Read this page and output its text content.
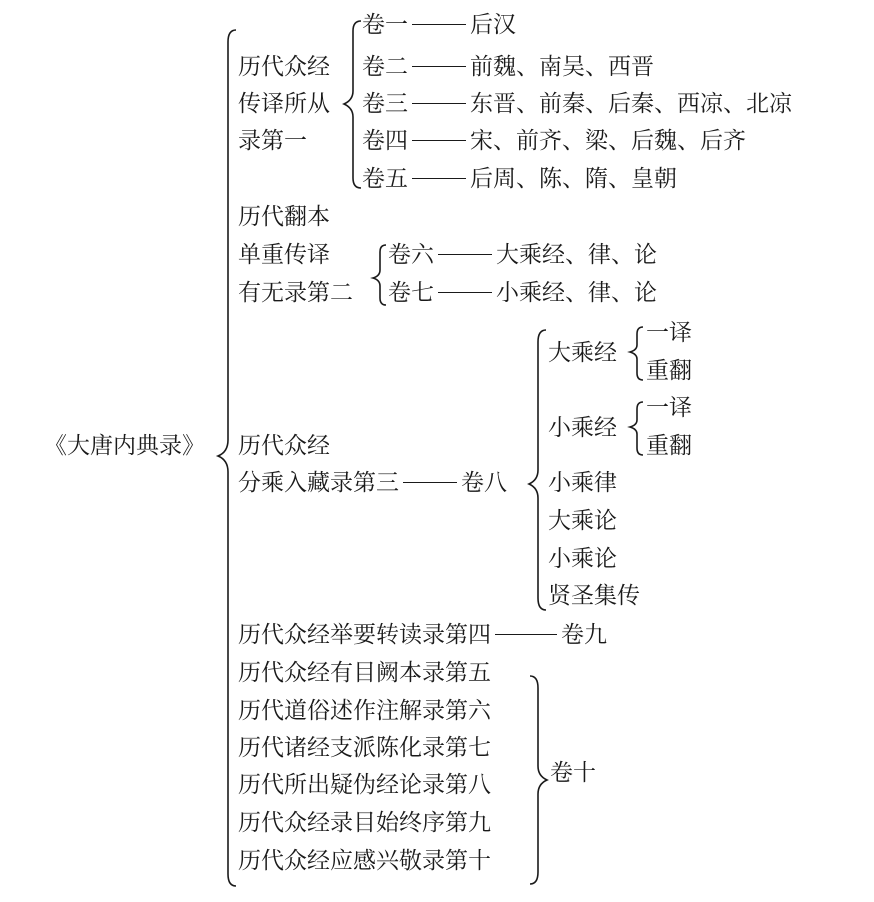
《大唐内典录》
历代众经
传译所从
录第一
卷一	后汉
卷二	前魏、南吴、西晋
卷三	东晋、前秦、后秦、西凉、北凉
卷四	宋、前齐、梁、后魏、后齐
卷五	后周、陈、隋、皇朝
历代翻本
单重传译
有无录第二
卷六	大乘经、律、论
卷七	小乘经、律、论
历代众经
分乘入藏录第三	卷八
大乘经
一译
重翻
小乘经
一译
重翻
小乘律
大乘论
小乘论
贤圣集传
历代众经举要转读录第四	卷九
历代众经有目阙本录第五
历代道俗述作注解录第六
历代诸经支派陈化录第七
历代所出疑伪经论录第八
历代众经录目始终序第九
历代众经应感兴敬录第十
卷十
